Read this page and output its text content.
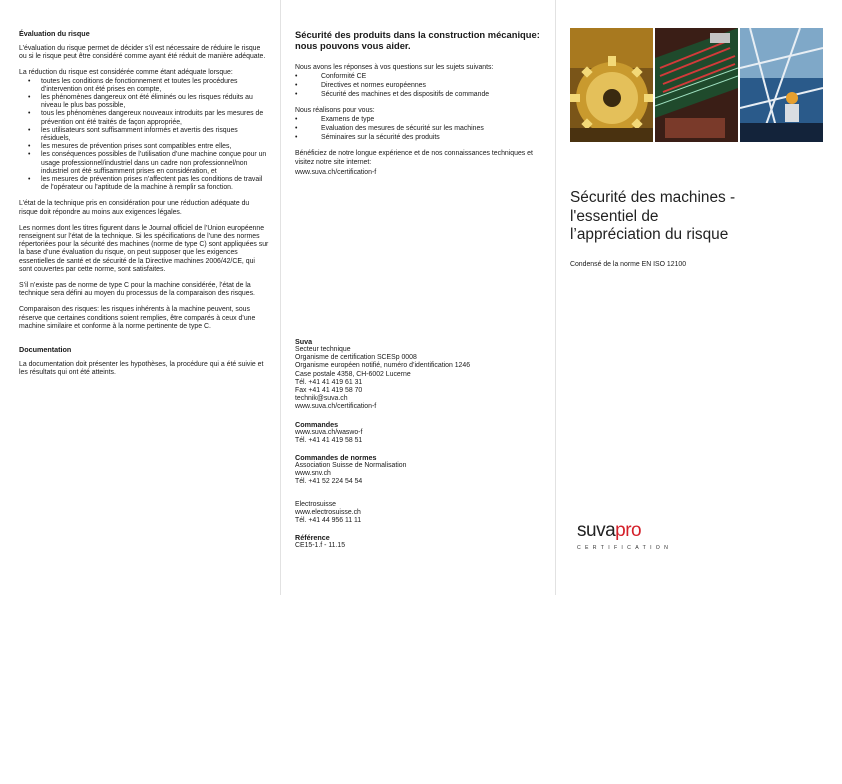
Évaluation du risque

L’évaluation du risque permet de décider s’il est nécessaire de réduire le risque ou si le risque peut être considéré comme ayant été réduit de manière adéquate.

La réduction du risque est considérée comme étant adéquate lorsque:

• toutes les conditions de fonctionnement et toutes les procédures d’intervention ont été prises en compte,
• les phénomènes dangereux ont été éliminés ou les risques réduits au niveau le plus bas possible,
• tous les phénomènes dangereux nouveaux introduits par les mesures de prévention ont été traités de façon appropriée,
• les utilisateurs sont suffisamment informés et avertis des risques résiduels,
• les mesures de prévention prises sont compatibles entre elles,
• les conséquences possibles de l’utilisation d’une machine conçue pour un usage professionnel/industriel dans un cadre non professionnel/non industriel ont été suffisamment prises en considération, et
• les mesures de prévention prises n’affectent pas les conditions de travail de l’opérateur ou l’aptitude de la machine à remplir sa fonction.

L’état de la technique pris en considération pour une réduction adéquate du risque doit répondre au moins aux exigences légales.

Les normes dont les titres figurent dans le Journal officiel de l’Union européenne renseignent sur l’état de la technique. Si les spécifications de l’une des normes répertoriées pour la sécurité des machines (norme de type C) sont appliquées sur la base d’une évaluation du risque, on peut supposer que les exigences essentielles de santé et de sécurité de la Directive machines 2006/42/CE, qui sont couvertes par cette norme, sont satisfaites.

S’il n’existe pas de norme de type C pour la machine considérée, l’état de la technique sera défini au moyen du processus de la comparaison des risques.

Comparaison des risques: les risques inhérents à la machine peuvent, sous réserve que certaines conditions soient remplies, être comparés à ceux d’une machine similaire et conforme à la norme pertinente de type C.

Documentation

La documentation doit présenter les hypothèses, la procédure qui a été suivie et les résultats qui ont été atteints.

Sécurité des produits dans la construction mécanique:

nous pouvons vous aider.

Nous avons les réponses à vos questions sur les sujets suivants:

• Conformité CE
• Directives et normes européennes
• Sécurité des machines et des dispositifs de commande

Nous réalisons pour vous:

• Examens de type
• Evaluation des mesures de sécurité sur les machines
• Séminaires sur la sécurité des produits

Bénéficiez de notre longue expérience et de nos connaissances techniques et visitez notre site internet:

www.suva.ch/certification-f

Suva

Secteur technique

Organisme de certification SCESp 0008

Organisme européen notifié, numéro d’identification 1246

Case postale 4358, CH-6002 Lucerne

Tél. +41 41 419 61 31

Fax +41 41 419 58 70

technik@suva.ch

www.suva.ch/certification-f

Commandes

www.suva.ch/waswo-f

Tél. +41 41 419 58 51

Commandes de normes

Association Suisse de Normalisation

www.snv.ch

Tél. +41 52 224 54 54

Electrosuisse

www.electrosuisse.ch

Tél. +41 44 956 11 11

Référence

CE15-1.f - 11.15

Sécurité des machines -

l'essentiel de

l’appréciation du risque

Condensé de la norme EN ISO 12100

suvapro
CERTIFICATION
